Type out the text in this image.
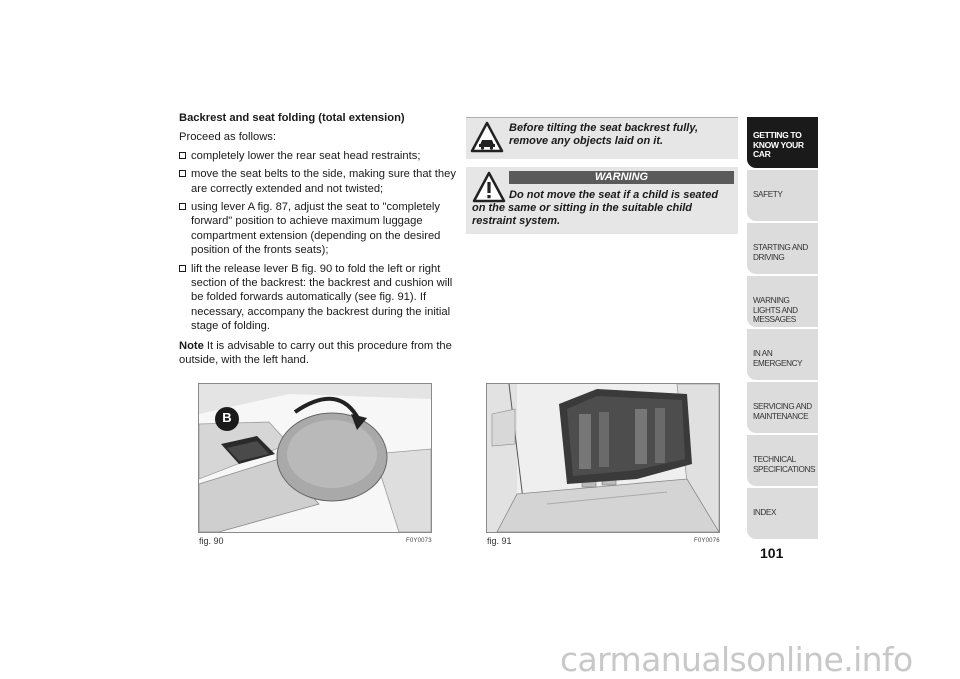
Backrest and seat folding (total extension)
Proceed as follows:
completely lower the rear seat head restraints;
move the seat belts to the side, making sure that they are correctly extended and not twisted;
using lever A fig. 87, adjust the seat to "completely forward" position to achieve maximum luggage compartment extension (depending on the desired position of the fronts seats);
lift the release lever B fig. 90 to fold the left or right section of the backrest: the backrest and cushion will be folded forwards automatically (see fig. 91). If necessary, accompany the backrest during the initial stage of folding.
Note It is advisable to carry out this procedure from the outside, with the left hand.
Before tilting the seat backrest fully, remove any objects laid on it.
WARNING
Do not move the seat if a child is seated on the same or sitting in the suitable child restraint system.
B
fig. 90	F0Y0073	fig. 91	F0Y0076
GETTING TO KNOW YOUR CAR
SAFETY
STARTING AND DRIVING
WARNING LIGHTS AND MESSAGES
IN AN EMERGENCY
SERVICING AND MAINTENANCE
TECHNICAL SPECIFICATIONS
INDEX
101
carmanualsonline.info
